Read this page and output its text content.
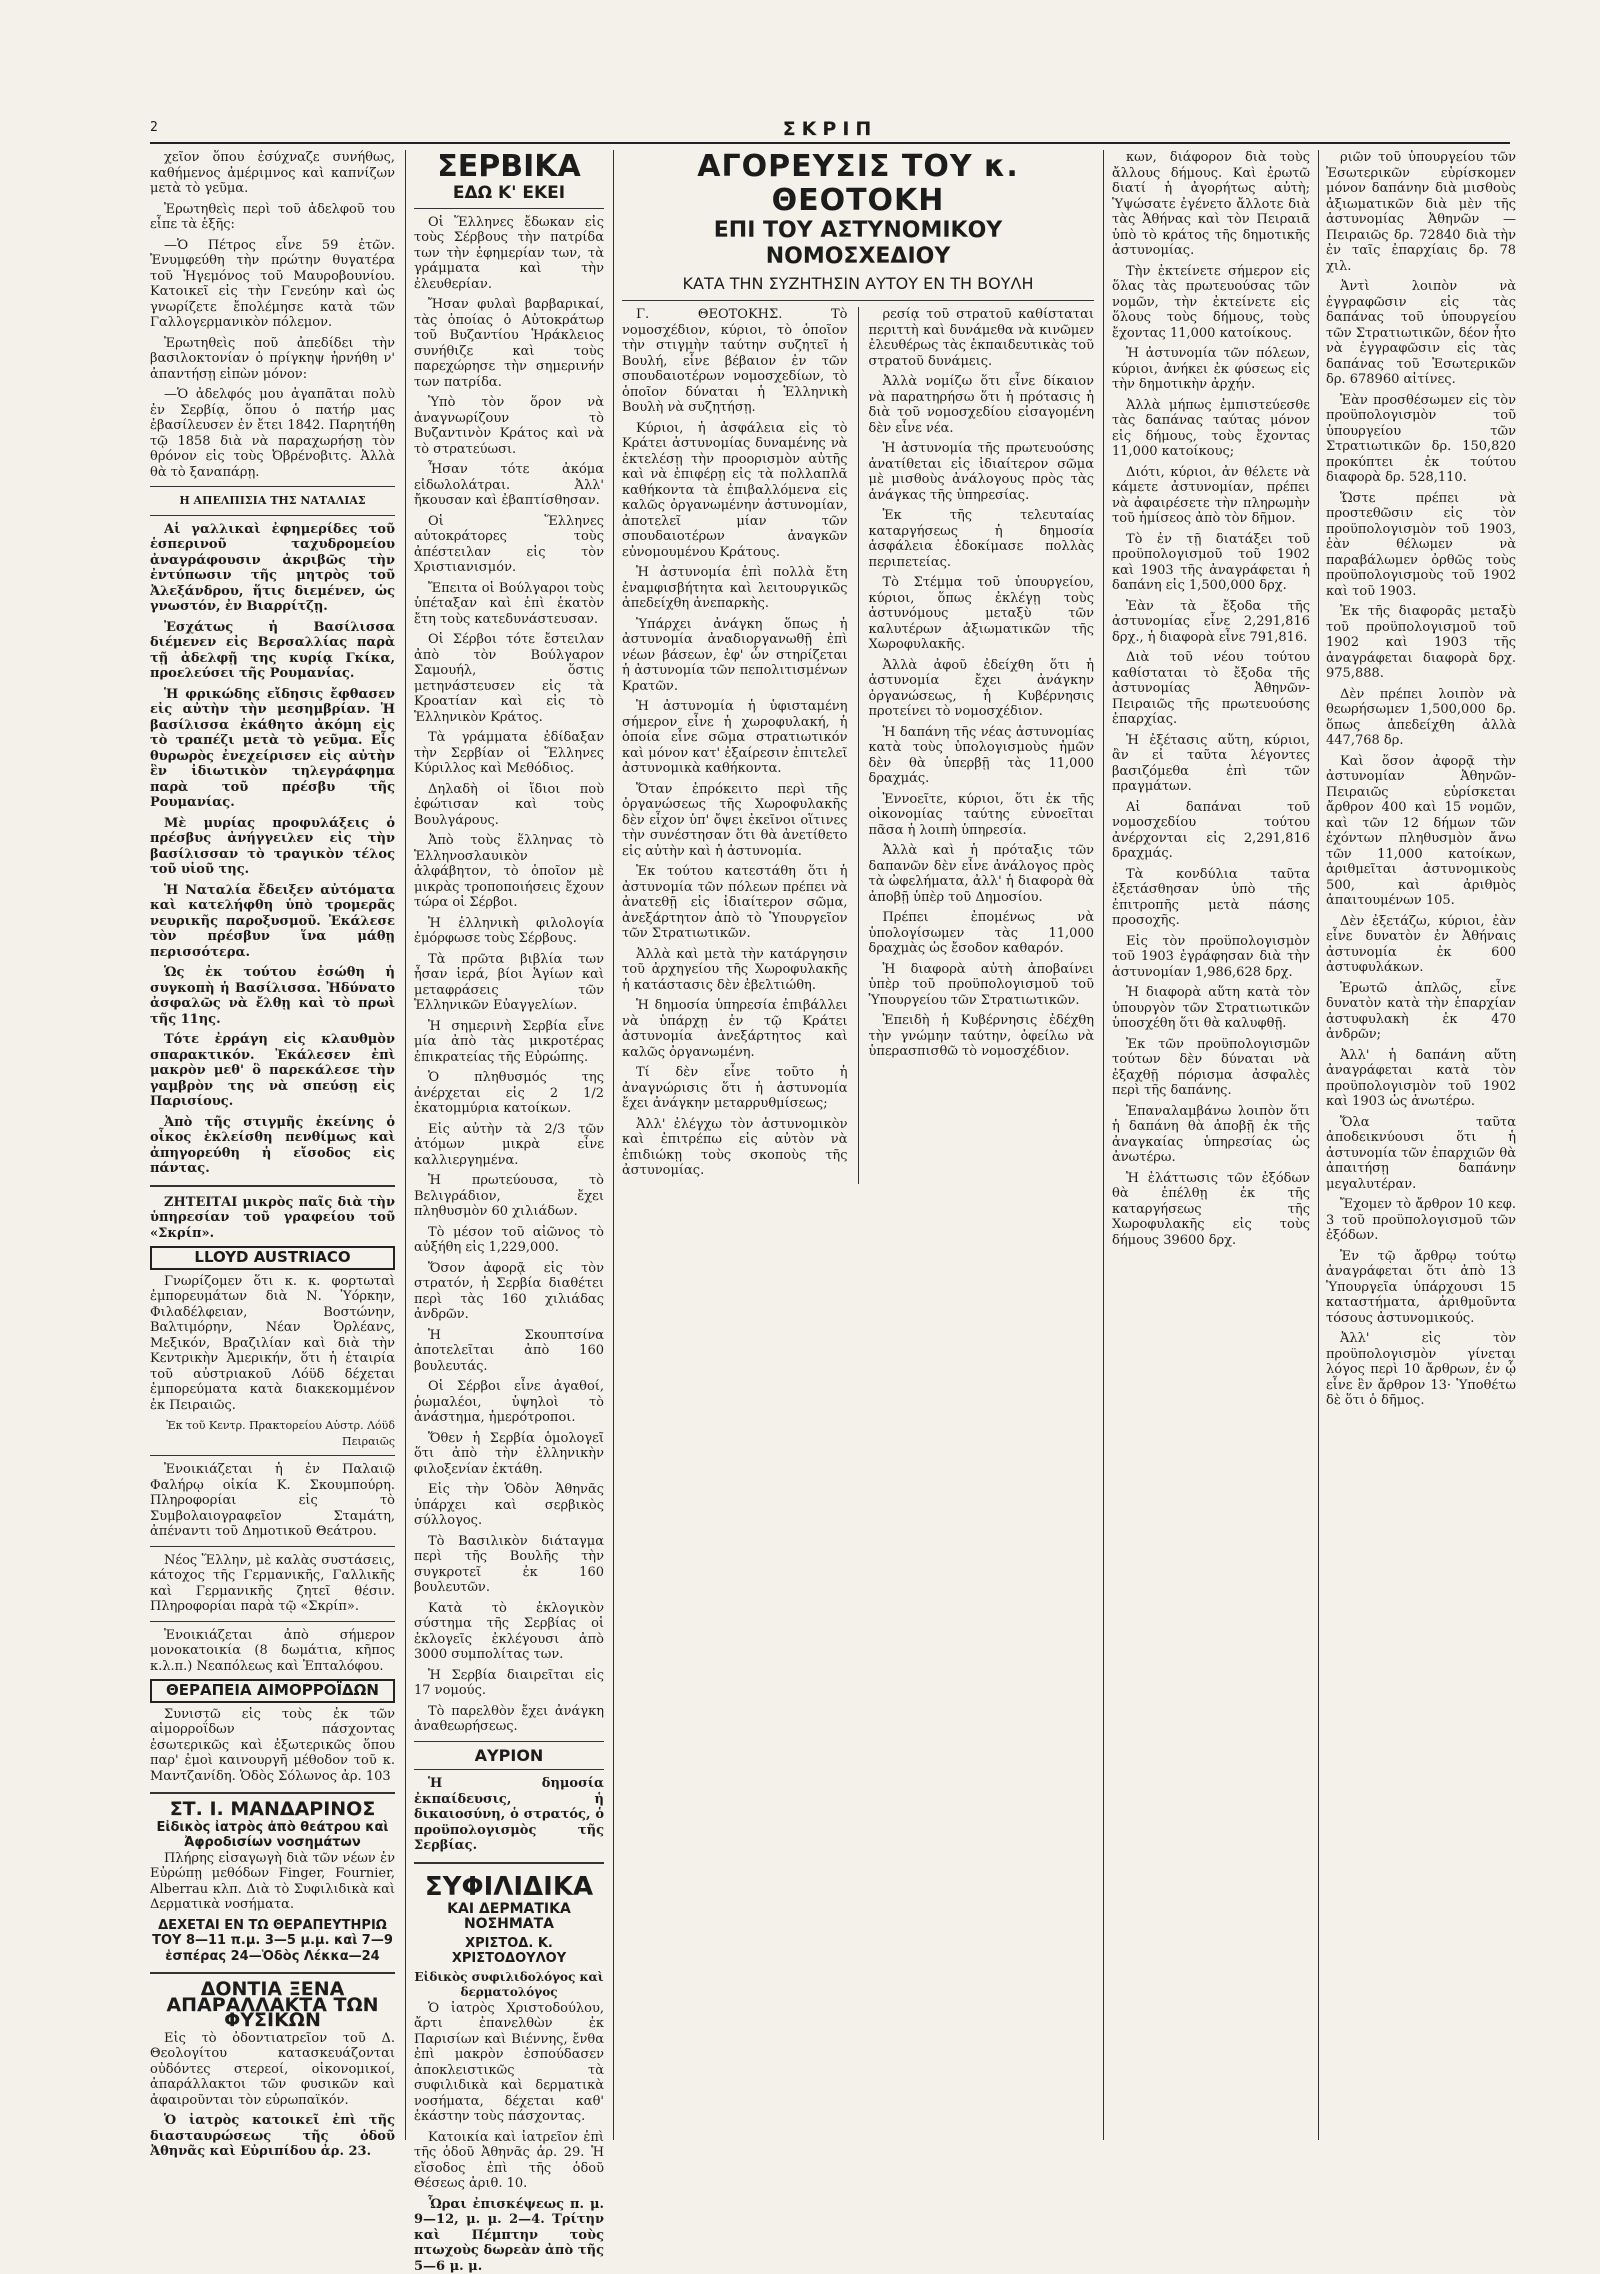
2	ΣΚΡΙΠ

χεῖον ὅπου ἐσύχναζε συνήθως, καθήμενος ἀμέριμνος καὶ καπνίζων μετὰ τὸ γεῦμα.

Ἐρωτηθεὶς περὶ τοῦ ἀδελφοῦ του εἶπε τὰ ἑξῆς:

—Ὁ Πέτρος εἶνε 59 ἐτῶν. Ἐνυμφεύθη τὴν πρώτην θυγατέρα τοῦ Ἡγεμόνος τοῦ Μαυροβουνίου. Κατοικεῖ εἰς τὴν Γενεύην καὶ ὡς γνωρίζετε ἔπολέμησε κατὰ τῶν Γαλλογερμανικὸν πόλεμον.

Ἐρωτηθεὶς ποῦ ἀπεδίδει τὴν βασιλοκτονίαν ὁ πρίγκηψ ἠρνήθη ν' ἀπαντήσῃ εἰπὼν μόνον:

—Ὁ ἀδελφός μου ἀγαπᾶται πολὺ ἐν Σερβίᾳ, ὅπου ὁ πατήρ μας ἐβασίλευσεν ἐν ἔτει 1842. Παρητήθη τῷ 1858 διὰ νὰ παραχωρήσῃ τὸν θρόνον εἰς τοὺς Ὀβρένοβιτς. Ἀλλὰ θὰ τὸ ξαναπάρῃ.

Η ΑΠΕΛΠΙΣΙΑ ΤΗΣ ΝΑΤΑΛΙΑΣ

Αἱ γαλλικαὶ ἐφημερίδες τοῦ ἑσπερινοῦ ταχυδρομείου ἀναγράφουσιν ἀκριβῶς τὴν ἐντύπωσιν τῆς μητρὸς τοῦ Ἀλεξάνδρου, ἥτις διεμένεν, ὡς γνωστόν, ἐν Βιαρρίτζῃ.

Ἐσχάτως ἡ Βασίλισσα διέμενεν εἰς Βερσαλλίας παρὰ τῇ ἀδελφῇ της κυρίᾳ Γκίκα, προελεύσει τῆς Ρουμανίας.

Ἡ φρικώδης εἴδησις ἔφθασεν εἰς αὐτὴν τὴν μεσημβρίαν. Ἡ βασίλισσα ἐκάθητο ἀκόμη εἰς τὸ τραπέζι μετὰ τὸ γεῦμα. Εἷς θυρωρὸς ἐνεχείρισεν εἰς αὐτὴν ἓν ἰδιωτικὸν τηλεγράφημα παρὰ τοῦ πρέσβυ τῆς Ρουμανίας.

Μὲ μυρίας προφυλάξεις ὁ πρέσβυς ἀνήγγειλεν εἰς τὴν βασίλισσαν τὸ τραγικὸν τέλος τοῦ υἱοῦ της.

Ἡ Ναταλία ἔδειξεν αὐτόματα καὶ κατελήφθη ὑπὸ τρομερᾶς νευρικῆς παροξυσμοῦ. Ἐκάλεσε τὸν πρέσβυν ἵνα μάθῃ περισσότερα.

Ὡς ἐκ τούτου ἐσώθη ἡ συγκοπὴ ἡ Βασίλισσα. Ἠδύνατο ἀσφαλῶς νὰ ἔλθῃ καὶ τὸ πρωὶ τῆς 11ης.

Τότε ἐρράγη εἰς κλαυθμὸν σπαρακτικόν. Ἐκάλεσεν ἐπὶ μακρὸν μεθ' ὃ παρεκάλεσε τὴν γαμβρὸν της νὰ σπεύσῃ εἰς Παρισίους.

Ἀπὸ τῆς στιγμῆς ἐκείνης ὁ οἶκος ἐκλείσθη πενθίμως καὶ ἀπηγορεύθη ἡ εἴσοδος εἰς πάντας.

ΖΗΤΕΙΤΑΙ μικρὸς παῖς διὰ τὴν ὑπηρεσίαν τοῦ γραφείου τοῦ «Σκρίπ».

LLOYD AUSTRIACO

Γνωρίζομεν ὅτι κ. κ. φορτωταὶ ἐμπορευμάτων διὰ Ν. Ὑόρκην, Φιλαδέλφειαν, Βοστώνην, Βαλτιμόρην, Νέαν Ὀρλέανς, Μεξικόν, Βραζιλίαν καὶ διὰ τὴν Κεντρικὴν Ἀμερικήν, ὅτι ἡ ἑταιρία τοῦ αὐστριακοῦ Λόϋδ δέχεται ἐμπορεύματα κατὰ διακεκομμένον ἐκ Πειραιῶς.

Ἐκ τοῦ Κεντρ. Πρακτορείου Αὐστρ. Λόϋδ Πειραιῶς

Ἐνοικιάζεται ἡ ἐν Παλαιῷ Φαλήρῳ οἰκία Κ. Σκουμπούρη. Πληροφορίαι εἰς τὸ Συμβολαιογραφεῖον Σταμάτη, ἀπέναντι τοῦ Δημοτικοῦ Θεάτρου.

Νέος Ἕλλην, μὲ καλὰς συστάσεις, κάτοχος τῆς Γερμανικῆς, Γαλλικῆς καὶ Γερμανικῆς ζητεῖ θέσιν. Πληροφορίαι παρὰ τῷ «Σκρίπ».

Ἐνοικιάζεται ἀπὸ σήμερον μονοκατοικία (8 δωμάτια, κῆπος κ.λ.π.) Νεαπόλεως καὶ Ἐπταλόφου.

ΘΕΡΑΠΕΙΑ ΑΙΜΟΡΡΟΪΔΩΝ

Συνιστῶ εἰς τοὺς ἐκ τῶν αἱμορροΐδων πάσχοντας ἐσωτερικῶς καὶ ἐξωτερικῶς ὅπου παρ' ἐμοὶ καινουργῆ μέθοδον τοῦ κ. Μαντζανίδη. Ὁδὸς Σόλωνος ἀρ. 103

ΣΤ. Ι. ΜΑΝΔΑΡΙΝΟΣ
Εἰδικὸς ἰατρὸς ἀπὸ θεάτρου καὶ Ἀφροδισίων νοσημάτων

Πλήρης εἰσαγωγὴ διὰ τῶν νέων ἐν Εὐρώπῃ μεθόδων Finger, Fournier, Alberrau κλπ. Διὰ τὸ Συφιλιδικὰ καὶ Δερματικὰ νοσήματα.

ΔΕΧΕΤΑΙ ΕΝ ΤΩ ΘΕΡΑΠΕΥΤΗΡΙΩ ΤΟΥ 8—11 π.μ. 3—5 μ.μ. καὶ 7—9 ἑσπέρας 24—Ὁδὸς Λέκκα—24
ΔΟΝΤΙΑ ΞΕΝΑ ΑΠΑΡΑΛΛΑΚΤΑ ΤΩΝ ΦΥΣΙΚΩΝ

Εἰς τὸ ὀδοντιατρεῖον τοῦ Δ. Θεολογίτου κατασκευάζονται οὐδόντες στερεοί, οἰκονομικοί, ἀπαράλλακτοι τῶν φυσικῶν καὶ ἀφαιροῦνται τὸν εὐρωπαϊκόν.

Ὁ ἰατρὸς κατοικεῖ ἐπὶ τῆς διασταυρώσεως τῆς ὁδοῦ Ἀθηνᾶς καὶ Εὐριπίδου ἀρ. 23.

ΣΕΡΒΙΚΑ
ΕΔΩ Κ' ΕΚΕΙ

Οἱ Ἕλληνες ἔδωκαν εἰς τοὺς Σέρβους τὴν πατρίδα των τὴν ἐφημερίαν των, τὰ γράμματα καὶ τὴν ἐλευθερίαν.

Ἤσαν φυλαὶ βαρβαρικαί, τὰς ὁποίας ὁ Αὐτοκράτωρ τοῦ Βυζαντίου Ἡράκλειος συνήθιζε καὶ τοὺς παρεχώρησε τὴν σημερινήν των πατρίδα.

Ὑπὸ τὸν ὅρον νὰ ἀναγνωρίζουν τὸ Βυζαντινὸν Κράτος καὶ νὰ τὸ στρατεύωσι.

Ἦσαν τότε ἀκόμα εἰδωλολάτραι. Ἀλλ' ἤκουσαν καὶ ἐβαπτίσθησαν.

Οἱ Ἕλληνες αὐτοκράτορες τοὺς ἀπέστειλαν εἰς τὸν Χριστιανισμόν.

Ἔπειτα οἱ Βούλγαροι τοὺς ὑπέταξαν καὶ ἐπὶ ἑκατὸν ἔτη τοὺς κατεδυνάστευσαν.

Οἱ Σέρβοι τότε ἔστειλαν ἀπὸ τὸν Βούλγαρον Σαμουήλ, ὅστις μετηνάστευσεν εἰς τὰ Κροατίαν καὶ εἰς τὸ Ἑλληνικὸν Κράτος.

Τὰ γράμματα ἐδίδαξαν τὴν Σερβίαν οἱ Ἕλληνες Κύριλλος καὶ Μεθόδιος.

Δηλαδὴ οἱ ἴδιοι ποὺ ἐφώτισαν καὶ τοὺς Βουλγάρους.

Ἀπὸ τοὺς ἕλληνας τὸ Ἑλληνοσλαυικὸν ἀλφάβητον, τὸ ὁποῖον μὲ μικρὰς τροποποιήσεις ἔχουν τώρα οἱ Σέρβοι.

Ἡ ἑλληνικὴ φιλολογία ἐμόρφωσε τοὺς Σέρβους.

Τὰ πρῶτα βιβλία των ἦσαν ἱερά, βίοι Ἁγίων καὶ μεταφράσεις τῶν Ἑλληνικῶν Εὐαγγελίων.

Ἡ σημερινὴ Σερβία εἶνε μία ἀπὸ τὰς μικροτέρας ἐπικρατείας τῆς Εὐρώπης.

Ὁ πληθυσμός της ἀνέρχεται εἰς 2 1/2 ἑκατομμύρια κατοίκων.

Εἰς αὐτὴν τὰ 2/3 τῶν ἀτόμων μικρὰ εἶνε καλλιεργημένα.

Ἡ πρωτεύουσα, τὸ Βελιγράδιον, ἔχει πληθυσμὸν 60 χιλιάδων.

Τὸ μέσον τοῦ αἰῶνος τὸ αὐξήθη εἰς 1,229,000.

Ὅσον ἀφορᾷ εἰς τὸν στρατόν, ἡ Σερβία διαθέτει περὶ τὰς 160 χιλιάδας ἀνδρῶν.

Ἡ Σκουπτσίνα ἀποτελεῖται ἀπὸ 160 βουλευτάς.

Οἱ Σέρβοι εἶνε ἀγαθοί, ῥωμαλέοι, ὑψηλοὶ τὸ ἀνάστημα, ἡμερότροποι.

Ὅθεν ἡ Σερβία ὁμολογεῖ ὅτι ἀπὸ τὴν ἐλληνικὴν φιλοξενίαν ἐκτάθη.

Εἰς τὴν Ὁδὸν Ἀθηνᾶς ὑπάρχει καὶ σερβικὸς σύλλογος.

Τὸ Βασιλικὸν διάταγμα περὶ τῆς Βουλῆς τὴν συγκροτεῖ ἐκ 160 βουλευτῶν.

Κατὰ τὸ ἐκλογικὸν σύστημα τῆς Σερβίας οἱ ἐκλογεῖς ἐκλέγουσι ἀπὸ 3000 συμπολίτας των.

Ἡ Σερβία διαιρεῖται εἰς 17 νομούς.

Τὸ παρελθὸν ἔχει ἀνάγκη ἀναθεωρήσεως.

ΑΥΡΙΟΝ

Ἡ δημοσία ἐκπαίδευσις, ἡ δικαιοσύνη, ὁ στρατός, ὁ προϋπολογισμὸς τῆς Σερβίας.

ΣΥΦΙΛΙΔΙΚΑ
ΚΑΙ ΔΕΡΜΑΤΙΚΑ ΝΟΣΗΜΑΤΑ
ΧΡΙΣΤΟΔ. Κ. ΧΡΙΣΤΟΔΟΥΛΟΥ
Εἰδικὸς συφιλιδολόγος καὶ δερματολόγος

Ὁ ἰατρὸς Χριστοδούλου, ἄρτι ἐπανελθὼν ἐκ Παρισίων καὶ Βιέννης, ἔνθα ἐπὶ μακρὸν ἐσπούδασεν ἀποκλειστικῶς τὰ συφιλιδικὰ καὶ δερματικὰ νοσήματα, δέχεται καθ' ἑκάστην τοὺς πάσχοντας.

Κατοικία καὶ ἰατρεῖον ἐπὶ τῆς ὁδοῦ Ἀθηνᾶς ἀρ. 29. Ἡ εἴσοδος ἐπὶ τῆς ὁδοῦ Θέσεως ἀριθ. 10.

Ὧραι ἐπισκέψεως π. μ. 9—12, μ. μ. 2—4. Τρίτην καὶ Πέμπτην τοὺς πτωχοὺς δωρεὰν ἀπὸ τῆς 5—6 μ. μ.

ΑΓΟΡΕΥΣΙΣ ΤΟΥ κ. ΘΕΟΤΟΚΗ
ΕΠΙ ΤΟΥ ΑΣΤΥΝΟΜΙΚΟΥ ΝΟΜΟΣΧΕΔΙΟΥ
ΚΑΤΑ ΤΗΝ ΣΥΖΗΤΗΣΙΝ ΑΥΤΟΥ ΕΝ ΤΗ ΒΟΥΛΗ

Γ. ΘΕΟΤΟΚΗΣ. Τὸ νομοσχέδιον, κύριοι, τὸ ὁποῖον τὴν στιγμὴν ταύτην συζητεῖ ἡ Βουλή, εἶνε βέβαιον ἐν τῶν σπουδαιοτέρων νομοσχεδίων, τὸ ὁποῖον δύναται ἡ Ἑλληνικὴ Βουλὴ νὰ συζητήσῃ.

Κύριοι, ἡ ἀσφάλεια εἰς τὸ Κράτει ἀστυνομίας δυναμένης νὰ ἐκτελέσῃ τὴν προορισμὸν αὐτῆς καὶ νὰ ἐπιφέρῃ εἰς τὰ πολλαπλᾶ καθήκοντα τὰ ἐπιβαλλόμενα εἰς καλῶς ὀργανωμένην ἀστυνομίαν, ἀποτελεῖ μίαν τῶν σπουδαιοτέρων ἀναγκῶν εὐνομουμένου Κράτους.

Ἡ ἀστυνομία ἐπὶ πολλὰ ἔτη ἐναμφισβήτητα καὶ λειτουργικῶς ἀπεδείχθη ἀνεπαρκὴς.

Ὑπάρχει ἀνάγκη ὅπως ἡ ἀστυνομία ἀναδιοργανωθῇ ἐπὶ νέων βάσεων, ἐφ' ὧν στηρίζεται ἡ ἀστυνομία τῶν πεπολιτισμένων Κρατῶν.

Ἡ ἀστυνομία ἡ ὑφισταμένη σήμερον εἶνε ἡ χωροφυλακή, ἡ ὁποία εἶνε σῶμα στρατιωτικόν καὶ μόνον κατ' ἐξαίρεσιν ἐπιτελεῖ ἀστυνομικὰ καθήκοντα.

Ὅταν ἐπρόκειτο περὶ τῆς ὀργανώσεως τῆς Χωροφυλακῆς δὲν εἶχον ὑπ' ὄψει ἐκεῖνοι οἵτινες τὴν συνέστησαν ὅτι θὰ ἀνετίθετο εἰς αὐτὴν καὶ ἡ ἀστυνομία.

Ἐκ τούτου κατεστάθη ὅτι ἡ ἀστυνομία τῶν πόλεων πρέπει νὰ ἀνατεθῇ εἰς ἰδιαίτερον σῶμα, ἀνεξάρτητον ἀπὸ τὸ Ὑπουργεῖον τῶν Στρατιωτικῶν.

Ἀλλὰ καὶ μετὰ τὴν κατάργησιν τοῦ ἀρχηγείου τῆς Χωροφυλακῆς ἡ κατάστασις δὲν ἐβελτιώθη.

Ἡ δημοσία ὑπηρεσία ἐπιβάλλει νὰ ὑπάρχῃ ἐν τῷ Κράτει ἀστυνομία ἀνεξάρτητος καὶ καλῶς ὀργανωμένη.

Τί δὲν εἶνε τοῦτο ἡ ἀναγνώρισις ὅτι ἡ ἀστυνομία ἔχει ἀνάγκην μεταρρυθμίσεως;

Ἀλλ' ἐλέγχω τὸν ἀστυνομικὸν καὶ ἐπιτρέπω εἰς αὐτὸν νὰ ἐπιδιώκῃ τοὺς σκοποὺς τῆς ἀστυνομίας.

ρεσίᾳ τοῦ στρατοῦ καθίσταται περιττὴ καὶ δυνάμεθα νὰ κινῶμεν ἐλευθέρως τὰς ἐκπαιδευτικὰς τοῦ στρατοῦ δυνάμεις.

Ἀλλὰ νομίζω ὅτι εἶνε δίκαιον νὰ παρατηρήσω ὅτι ἡ πρότασις ἡ διὰ τοῦ νομοσχεδίου εἰσαγομένη δὲν εἶνε νέα.

Ἡ ἀστυνομία τῆς πρωτευούσης ἀνατίθεται εἰς ἰδιαίτερον σῶμα μὲ μισθοὺς ἀνάλογους πρὸς τὰς ἀνάγκας τῆς ὑπηρεσίας.

Ἐκ τῆς τελευταίας καταργήσεως ἡ δημοσία ἀσφάλεια ἐδοκίμασε πολλὰς περιπετείας.

Τὸ Στέμμα τοῦ ὑπουργείου, κύριοι, ὅπως ἐκλέγῃ τοὺς ἀστυνόμους μεταξὺ τῶν καλυτέρων ἀξιωματικῶν τῆς Χωροφυλακῆς.

Ἀλλὰ ἀφοῦ ἐδείχθη ὅτι ἡ ἀστυνομία ἔχει ἀνάγκην ὀργανώσεως, ἡ Κυβέρνησις προτείνει τὸ νομοσχέδιον.

Ἡ δαπάνη τῆς νέας ἀστυνομίας κατὰ τοὺς ὑπολογισμοὺς ἡμῶν δὲν θὰ ὑπερβῇ τὰς 11,000 δραχμάς.

Ἐννοεῖτε, κύριοι, ὅτι ἐκ τῆς οἰκονομίας ταύτης εὐνοεῖται πᾶσα ἡ λοιπὴ ὑπηρεσία.

Ἀλλὰ καὶ ἡ πρόταξις τῶν δαπανῶν δὲν εἶνε ἀνάλογος πρὸς τὰ ὠφελήματα, ἀλλ' ἡ διαφορὰ θὰ ἀποβῇ ὑπὲρ τοῦ Δημοσίου.

Πρέπει ἐπομένως νὰ ὑπολογίσωμεν τὰς 11,000 δραχμὰς ὡς ἔσοδον καθαρόν.

Ἡ διαφορὰ αὐτὴ ἀποβαίνει ὑπὲρ τοῦ προϋπολογισμοῦ τοῦ Ὑπουργείου τῶν Στρατιωτικῶν.

Ἐπειδὴ ἡ Κυβέρνησις ἐδέχθη τὴν γνώμην ταύτην, ὀφείλω νὰ ὑπερασπισθῶ τὸ νομοσχέδιον.

κων, διάφορον διὰ τοὺς ἄλλους δήμους. Καὶ ἐρωτῶ διατί ἡ ἀγορήτως αὐτὴ; Ὑψώσατε ἐγένετο ἄλλοτε διὰ τὰς Ἀθήνας καὶ τὸν Πειραιᾶ ὑπὸ τὸ κράτος τῆς δημοτικῆς ἀστυνομίας.

Τὴν ἐκτείνετε σήμερον εἰς ὅλας τὰς πρωτευούσας τῶν νομῶν, τὴν ἐκτείνετε εἰς ὅλους τοὺς δήμους, τοὺς ἔχοντας 11,000 κατοίκους.

Ἡ ἀστυνομία τῶν πόλεων, κύριοι, ἀνήκει ἐκ φύσεως εἰς τὴν δημοτικὴν ἀρχήν.

Ἀλλὰ μήπως ἐμπιστεύεσθε τὰς δαπάνας ταύτας μόνον εἰς δήμους, τοὺς ἔχοντας 11,000 κατοίκους;

Διότι, κύριοι, ἀν θέλετε νὰ κάμετε ἀστυνομίαν, πρέπει νὰ ἀφαιρέσετε τὴν πληρωμὴν τοῦ ἡμίσεος ἀπὸ τὸν δῆμον.

Τὸ ἐν τῇ διατάξει τοῦ προϋπολογισμοῦ τοῦ 1902 καὶ 1903 τῆς ἀναγράφεται ἡ δαπάνη εἰς 1,500,000 δρχ.

Ἐὰν τὰ ἔξοδα τῆς ἀστυνομίας εἶνε 2,291,816 δρχ., ἡ διαφορὰ εἶνε 791,816.

Διὰ τοῦ νέου τούτου καθίσταται τὸ ἔξοδα τῆς ἀστυνομίας Ἀθηνῶν-Πειραιῶς τῆς πρωτευούσης ἐπαρχίας.

Ἡ ἐξέτασις αὕτη, κύριοι, ἂν εἰ ταῦτα λέγοντες βασιζόμεθα ἐπὶ τῶν πραγμάτων.

Αἱ δαπάναι τοῦ νομοσχεδίου τούτου ἀνέρχονται εἰς 2,291,816 δραχμάς.

Τὰ κονδύλια ταῦτα ἐξετάσθησαν ὑπὸ τῆς ἐπιτροπῆς μετὰ πάσης προσοχῆς.

Εἰς τὸν προϋπολογισμὸν τοῦ 1903 ἐγράφησαν διὰ τὴν ἀστυνομίαν 1,986,628 δρχ.

Ἡ διαφορὰ αὕτη κατὰ τὸν ὑπουργὸν τῶν Στρατιωτικῶν ὑποσχέθη ὅτι θὰ καλυφθῇ.

Ἐκ τῶν προϋπολογισμῶν τούτων δὲν δύναται νὰ ἐξαχθῇ πόρισμα ἀσφαλὲς περὶ τῆς δαπάνης.

Ἐπαναλαμβάνω λοιπὸν ὅτι ἡ δαπάνη θὰ ἀποβῇ ἐκ τῆς ἀναγκαίας ὑπηρεσίας ὡς ἀνωτέρω.

Ἡ ἐλάττωσις τῶν ἐξόδων θὰ ἐπέλθῃ ἐκ τῆς καταργήσεως τῆς Χωροφυλακῆς εἰς τοὺς δήμους 39600 δρχ.

ριῶν τοῦ ὑπουργείου τῶν Ἐσωτερικῶν εὑρίσκομεν μόνον δαπάνην διὰ μισθοὺς ἀξιωματικῶν διὰ μὲν τῆς ἀστυνομίας Ἀθηνῶν — Πειραιῶς δρ. 72840 διὰ τὴν ἐν ταῖς ἐπαρχίαις δρ. 78 χιλ.

Ἀντὶ λοιπὸν νὰ ἐγγραφῶσιν εἰς τὰς δαπάνας τοῦ ὑπουργείου τῶν Στρατιωτικῶν, δέον ἦτο νὰ ἐγγραφῶσιν εἰς τὰς δαπάνας τοῦ Ἐσωτερικῶν δρ. 678960 αἰτίνες.

Ἐὰν προσθέσωμεν εἰς τὸν προϋπολογισμὸν τοῦ ὑπουργείου τῶν Στρατιωτικῶν δρ. 150,820 προκύπτει ἐκ τούτου διαφορὰ δρ. 528,110.

Ὥστε πρέπει νὰ προστεθῶσιν εἰς τὸν προϋπολογισμὸν τοῦ 1903, ἐὰν θέλωμεν νὰ παραβάλωμεν ὀρθῶς τοὺς προϋπολογισμοὺς τοῦ 1902 καὶ τοῦ 1903.

Ἐκ τῆς διαφορᾶς μεταξὺ τοῦ προϋπολογισμοῦ τοῦ 1902 καὶ 1903 τῆς ἀναγράφεται διαφορὰ δρχ. 975,888.

Δὲν πρέπει λοιπὸν νὰ θεωρήσωμεν 1,500,000 δρ. ὅπως ἀπεδείχθη ἀλλὰ 447,768 δρ.

Καὶ ὅσον ἀφορᾷ τὴν ἀστυνομίαν Ἀθηνῶν-Πειραιῶς εὑρίσκεται ἄρθρον 400 καὶ 15 νομῶν, καὶ τῶν 12 δήμων τῶν ἐχόντων πληθυσμὸν ἄνω τῶν 11,000 κατοίκων, ἀριθμεῖται ἀστυνομικοὺς 500, καὶ ἀριθμὸς ἀπαιτουμένων 105.

Δὲν ἐξετάζω, κύριοι, ἐὰν εἶνε δυνατὸν ἐν Ἀθήναις ἀστυνομία ἐκ 600 ἀστυφυλάκων.

Ἐρωτῶ ἀπλῶς, εἶνε δυνατὸν κατὰ τὴν ἐπαρχίαν ἀστυφυλακὴ ἐκ 470 ἀνδρῶν;

Ἀλλ' ἡ δαπάνη αὕτη ἀναγράφεται κατὰ τὸν προϋπολογισμὸν τοῦ 1902 καὶ 1903 ὡς ἀνωτέρω.

Ὅλα ταῦτα ἀποδεικνύουσι ὅτι ἡ ἀστυνομία τῶν ἐπαρχιῶν θὰ ἀπαιτήσῃ δαπάνην μεγαλυτέραν.

Ἔχομεν τὸ ἄρθρον 10 κεφ. 3 τοῦ προϋπολογισμοῦ τῶν ἐξόδων.

Ἐν τῷ ἄρθρῳ τούτῳ ἀναγράφεται ὅτι ἀπὸ 13 Ὑπουργεῖα ὑπάρχουσι 15 καταστήματα, ἀριθμοῦντα τόσους ἀστυνομικούς.

Ἀλλ' εἰς τὸν προϋπολογισμὸν γίνεται λόγος περὶ 10 ἄρθρων, ἐν ᾧ εἶνε ἓν ἄρθρον 13· Ὑποθέτω δὲ ὅτι ὁ δῆμος.
